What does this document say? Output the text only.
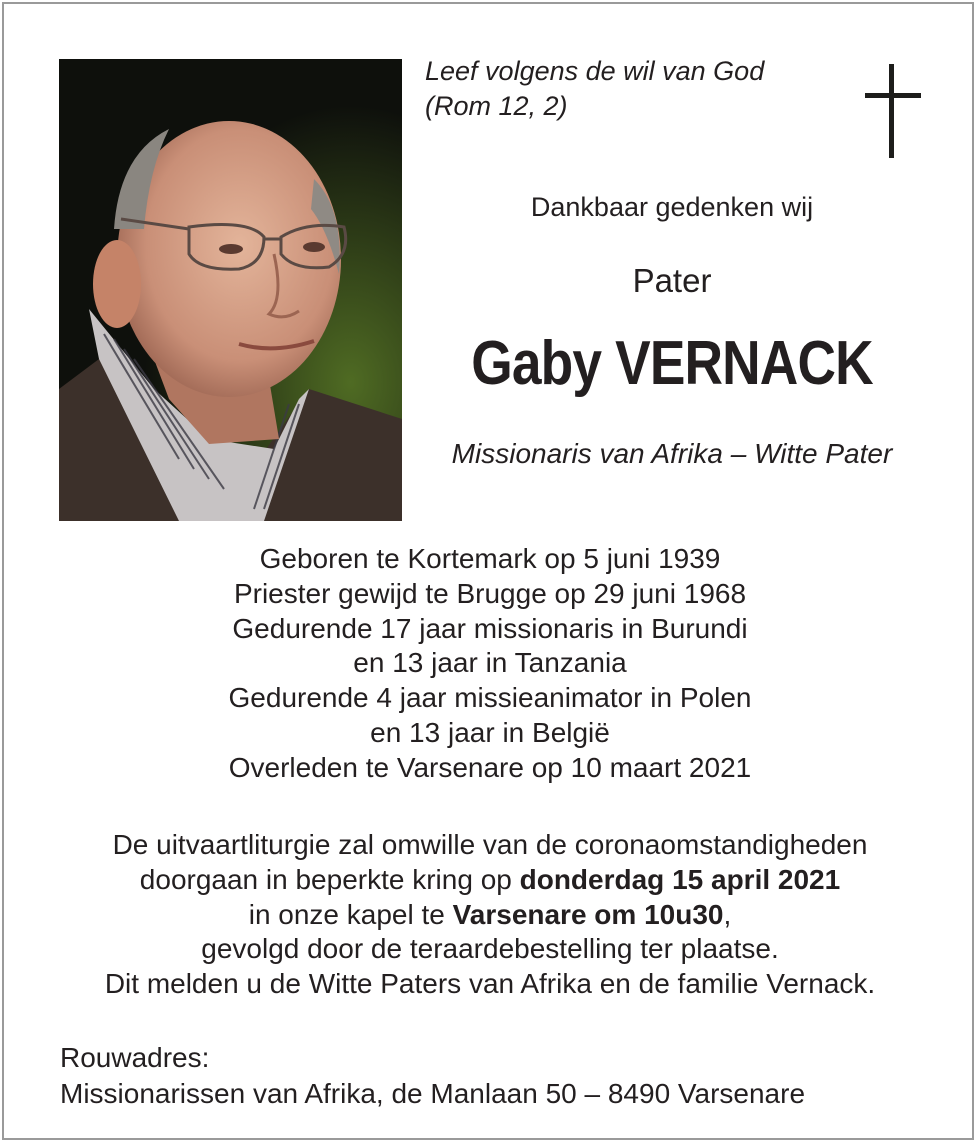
Leef volgens de wil van God
(Rom 12, 2)
Dankbaar gedenken wij
Pater
Gaby VERNACK
Missionaris van Afrika – Witte Pater
Geboren te Kortemark op 5 juni 1939
Priester gewijd te Brugge op 29 juni 1968
Gedurende 17 jaar missionaris in Burundi
en 13 jaar in Tanzania
Gedurende 4 jaar missieanimator in Polen
en 13 jaar in België
Overleden te Varsenare op 10 maart 2021
De uitvaartliturgie zal omwille van de coronaomstandigheden
doorgaan in beperkte kring op donderdag 15 april 2021
in onze kapel te Varsenare om 10u30,
gevolgd door de teraardebestelling ter plaatse.
Dit melden u de Witte Paters van Afrika en de familie Vernack.
Rouwadres:
Missionarissen van Afrika, de Manlaan 50 – 8490 Varsenare
